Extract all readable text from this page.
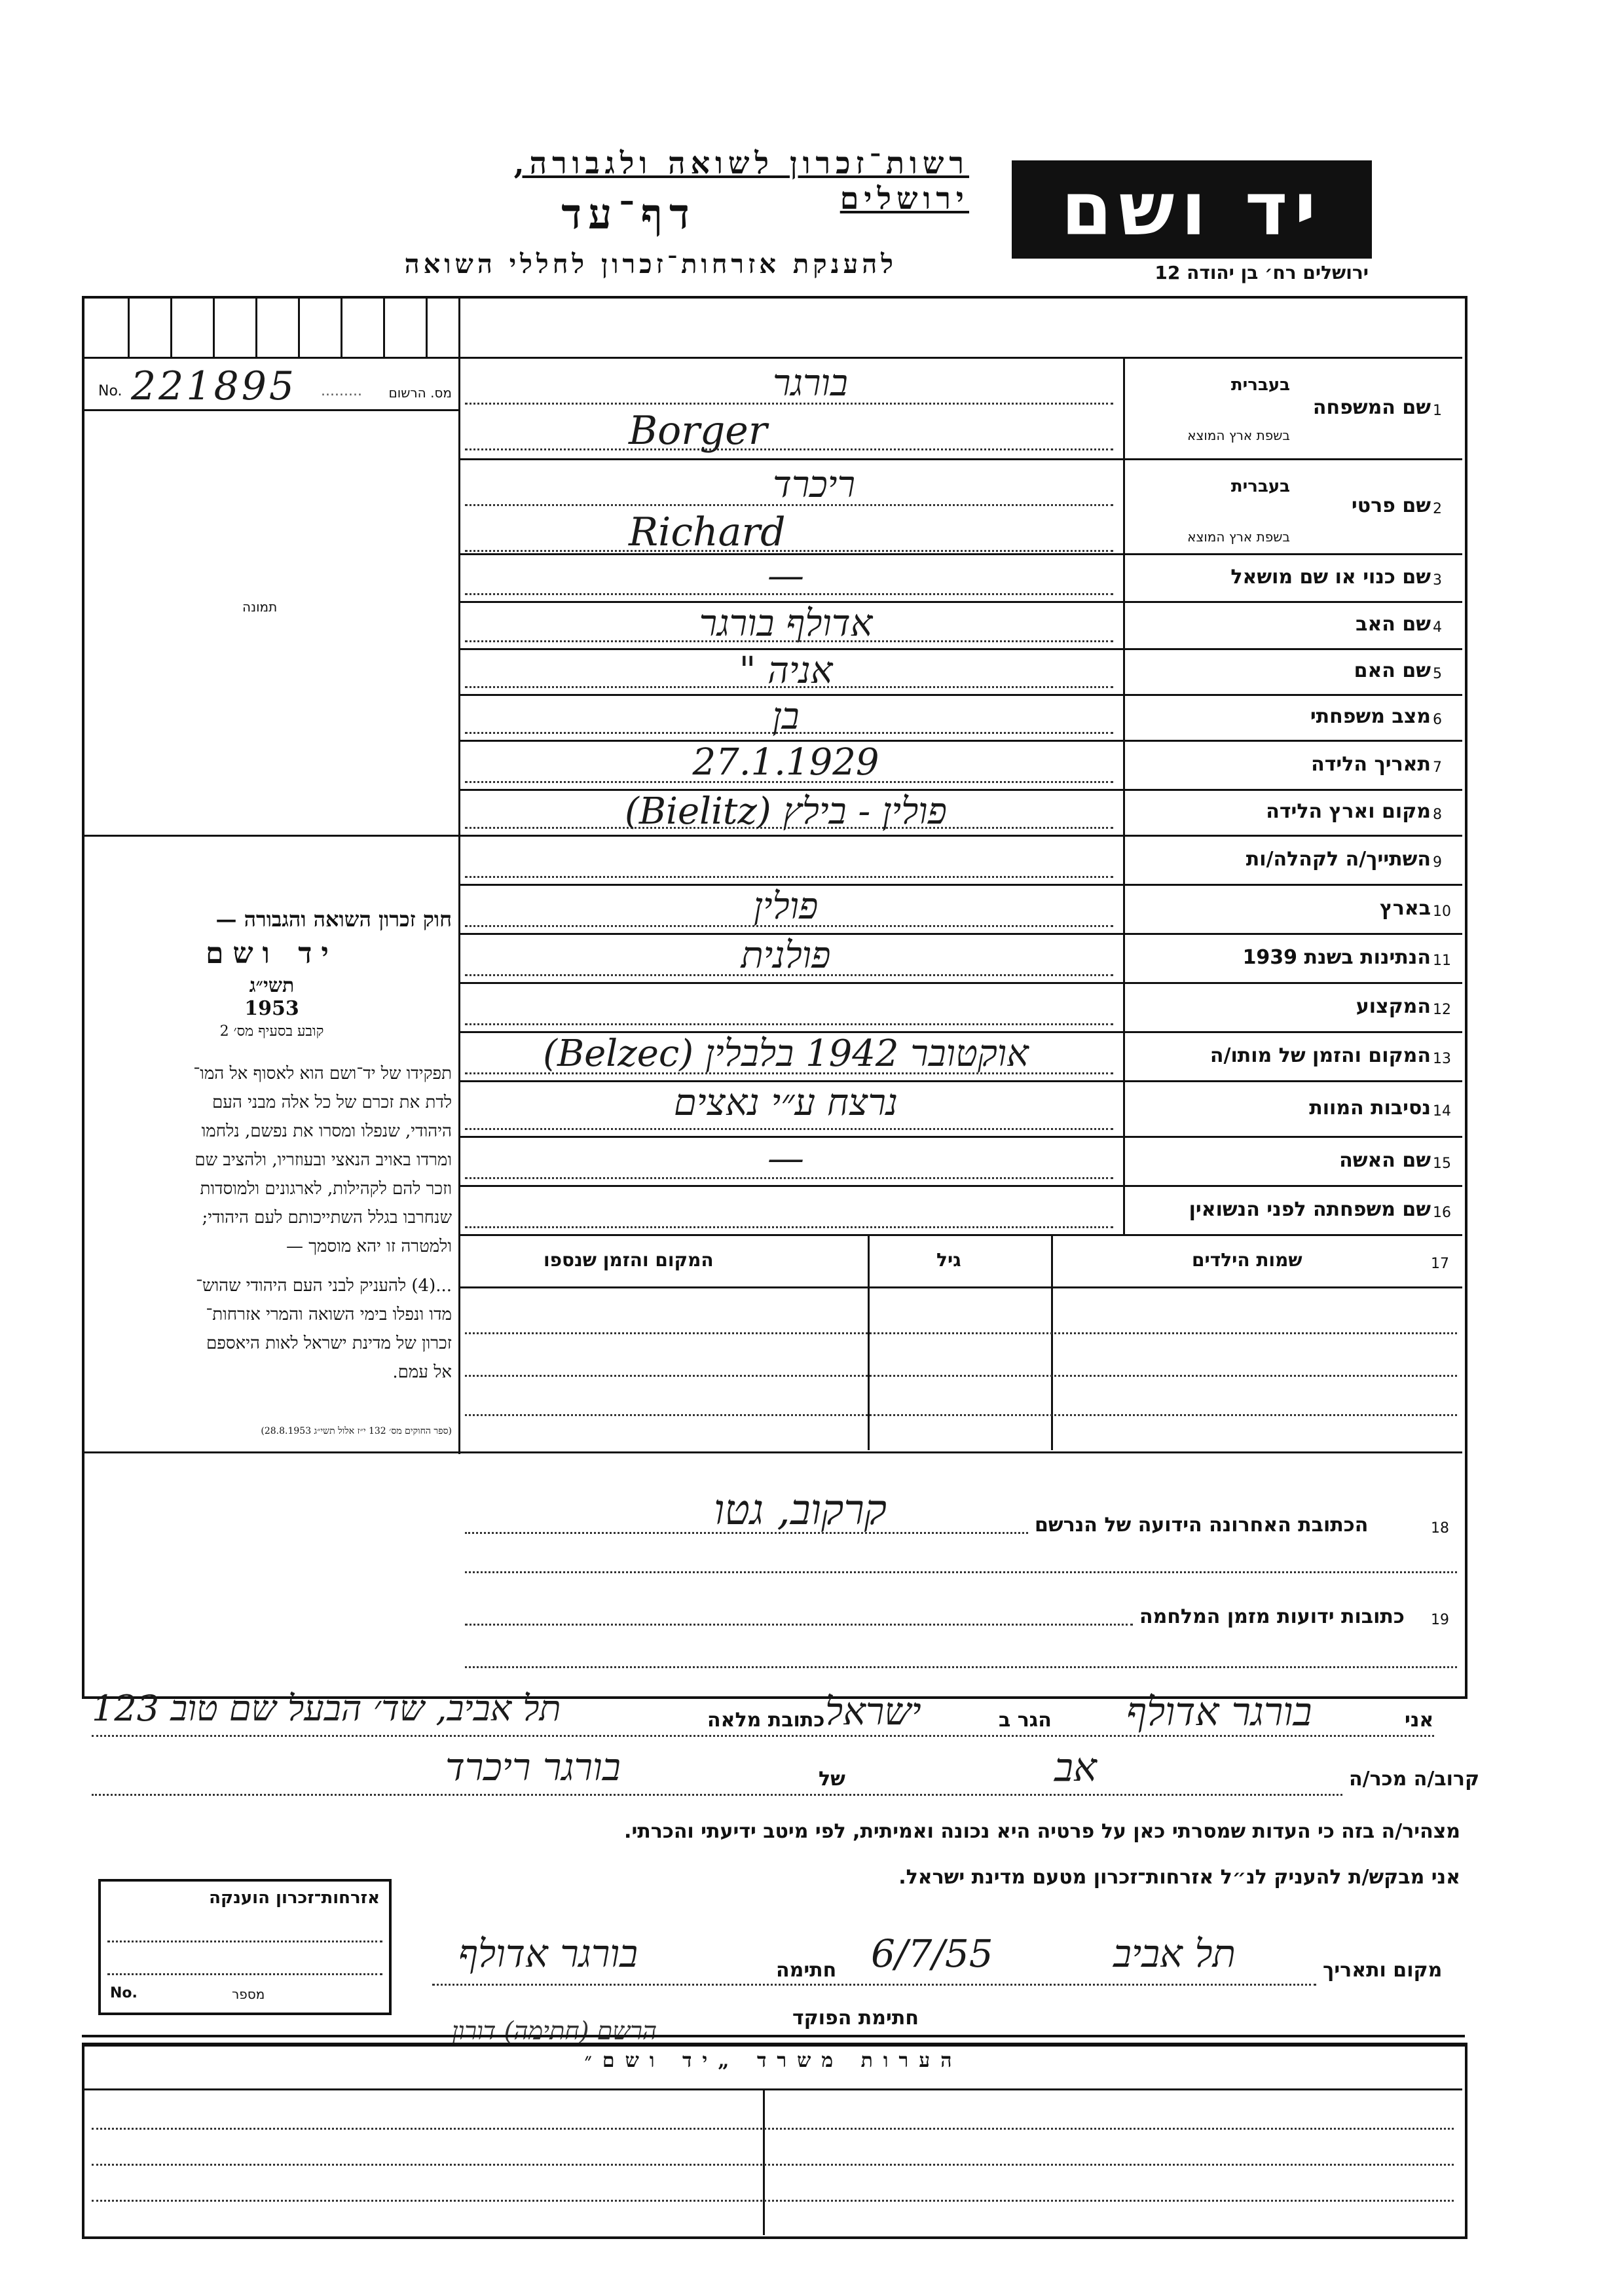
רשות־זכרון לשואה ולגבורה, ירושלים
דף־עד
להענקת אזרחות־זכרון לחללי השואה
יד ושם
ירושלים רח׳ בן יהודה 12
No. 221895 ......... מס. הרשום
תמונה
חוק זכרון השואה והגבורה —
יד ושם
תשי״ג
1953
קובע בסעיף מס׳ 2
תפקידו של יד־ושם הוא לאסוף אל המו־
לדת את זכרם של כל אלה מבני העם
היהודי, שנפלו ומסרו את נפשם, נלחמו
ומרדו באויב הנאצי ובעוזריו, ולהציב שם
וזכר להם לקהילות, לארגונים ולמוסדות
שנחרבו בגלל השתייכותם לעם היהודי;
ולמטרה זו יהא מוסמך —
...(4) להעניק לבני העם היהודי שהוש־
מדו ונפלו בימי השואה והמרי אזרחות־
זכרון של מדינת ישראל לאות היאספם
אל עמם.
(ספר החוקים מס׳ 132 י״ז אלול תשי״ג 28.8.1953)
1
שם המשפחה
בעברית
בשפת ארץ המוצא
בורגר
Borger
2
שם פרטי
בעברית
בשפת ארץ המוצא
ריכרד
Richard
3
שם כנוי או שם מושאל
—
4
שם האב
אדולף בורגר
5
שם האם
אניה "
6
מצב משפחתי
בן
7
תאריך הלידה
27.1.1929
8
מקום וארץ הלידה
פולין - בילץ (Bielitz)
9
השתייך/ה לקהלה/ות
10
בארץ
פולין
11
הנתינות בשנת 1939
פולנית
12
המקצוע
13
המקום והזמן של מותו/ה
אוקטובר 1942 בלבלין (Belzec)
14
נסיבות המוות
נרצח ע״י נאצים
15
שם האשה
—
16
שם משפחתה לפני הנשואין
17
שמות הילדים
גיל
המקום והזמן שנספו
18
הכתובת האחרונה הידועה של הנרשם
קרקוב, גטו
19
כתובות ידועות מזמן המלחמה
אני
בורגר אדולף
הגר ב
ישראל
כתובת מלאה
תל אביב, שד׳ הבעל שם טוב 123
קרוב/ה מכר/ה
אב
של
בורגר ריכרד
מצהיר/ה בזה כי העדות שמסרתי כאן על פרטיה היא נכונה ואמיתית, לפי מיטב ידיעתי והכרתי.
אני מבקש/ת להעניק לנ״ל אזרחות־זכרון מטעם מדינת ישראל.
מקום ותאריך
תל אביב
6/7/55
חתימה
בורגר אדולף
חתימת הפוקד
הרשם (חתימה) דורון
אזרחות־זכרון הוענקה
No.	מספר
הערות משרד „יד ושם״
